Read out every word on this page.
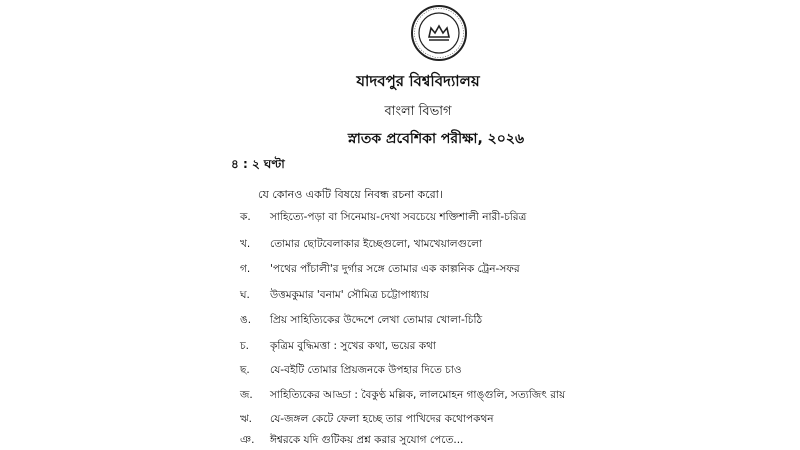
যাদবপুর বিশ্ববিদ্যালয়
বাংলা বিভাগ
স্নাতক প্রবেশিকা পরীক্ষা, ২০২৬
৪ : ২ ঘণ্টা
যে কোনও একটি বিষয়ে নিবন্ধ রচনা করো।
ক. সাহিত্যে-পড়া বা সিনেমায়-দেখা সবচেয়ে শক্তিশালী নারী-চরিত্র
খ. তোমার ছোটবেলাকার ইচ্ছেগুলো, খামখেয়ালগুলো
গ. 'পথের পাঁচালী'র দুর্গার সঙ্গে তোমার এক কাল্পনিক ট্রেন-সফর
ঘ. উত্তমকুমার 'বনাম' সৌমিত্র চট্টোপাধ্যায়
ঙ. প্রিয় সাহিত্যিকের উদ্দেশে লেখা তোমার খোলা-চিঠি
চ. কৃত্রিম বুদ্ধিমত্তা : সুখের কথা, ভয়ের কথা
ছ. যে-বইটি তোমার প্রিয়জনকে উপহার দিতে চাও
জ. সাহিত্যিকের আড্ডা : বৈকুণ্ঠ মল্লিক, লালমোহন গাঙ্গুলি, সত্যজিৎ রায়
ঋ. যে-জঙ্গল কেটে ফেলা হচ্ছে তার পাখিদের কথোপকথন
ঞ. ঈশ্বরকে যদি গুটিকয় প্রশ্ন করার সুযোগ পেতে...
